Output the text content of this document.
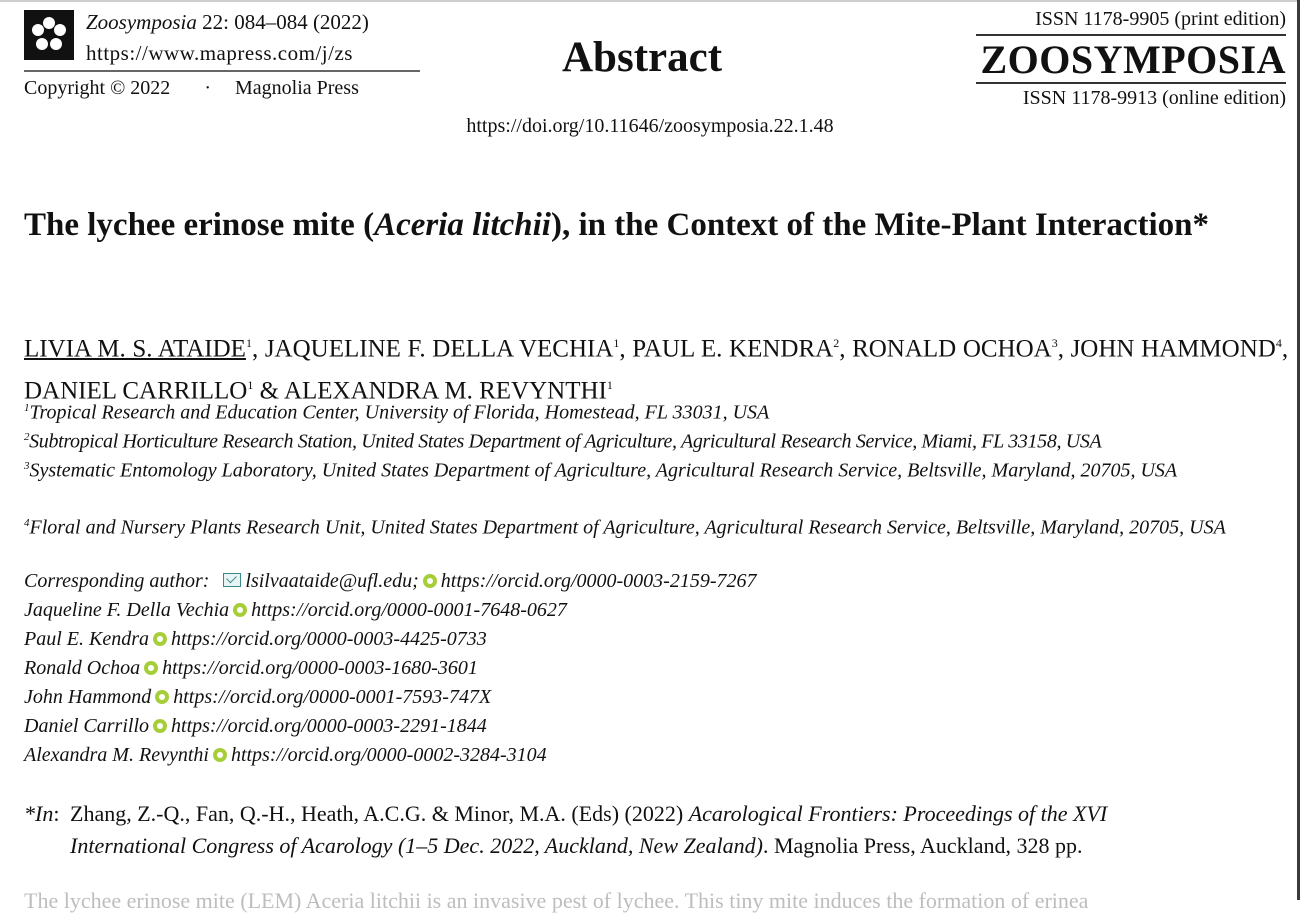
Zoosymposia 22: 084–084 (2022)
https://www.mapress.com/j/zs
Copyright © 2022 · Magnolia Press
Abstract
ISSN 1178-9905 (print edition)
ZOOSYMPOSIA
ISSN 1178-9913 (online edition)
https://doi.org/10.11646/zoosymposia.22.1.48
The lychee erinose mite (Aceria litchii), in the Context of the Mite-Plant Interaction*
LIVIA M. S. ATAIDE$^1$, JAQUELINE F. DELLA VECHIA$^1$, PAUL E. KENDRA$^2$, RONALD OCHOA$^3$, JOHN HAMMOND$^4$, DANIEL CARRILLO$^1$ & ALEXANDRA M. REVYNTHI$^1$
$^1$Tropical Research and Education Center, University of Florida, Homestead, FL 33031, USA
$^2$Subtropical Horticulture Research Station, United States Department of Agriculture, Agricultural Research Service, Miami, FL 33158, USA
$^3$Systematic Entomology Laboratory, United States Department of Agriculture, Agricultural Research Service, Beltsville, Maryland, 20705, USA
$^4$Floral and Nursery Plants Research Unit, United States Department of Agriculture, Agricultural Research Service, Beltsville, Maryland, 20705, USA
Corresponding author: lsilvaataide@ufl.edu; https://orcid.org/0000-0003-2159-7267
Jaqueline F. Della Vechia https://orcid.org/0000-0001-7648-0627
Paul E. Kendra https://orcid.org/0000-0003-4425-0733
Ronald Ochoa https://orcid.org/0000-0003-1680-3601
John Hammond https://orcid.org/0000-0001-7593-747X
Daniel Carrillo https://orcid.org/0000-0003-2291-1844
Alexandra M. Revynthi https://orcid.org/0000-0002-3284-3104
*In: Zhang, Z.-Q., Fan, Q.-H., Heath, A.C.G. & Minor, M.A. (Eds) (2022) Acarological Frontiers: Proceedings of the XVI
International Congress of Acarology (1–5 Dec. 2022, Auckland, New Zealand). Magnolia Press, Auckland, 328 pp.
The lychee erinose mite (LEM) Aceria litchii is an invasive pest of lychee. This tiny mite induces the formation of erinea
